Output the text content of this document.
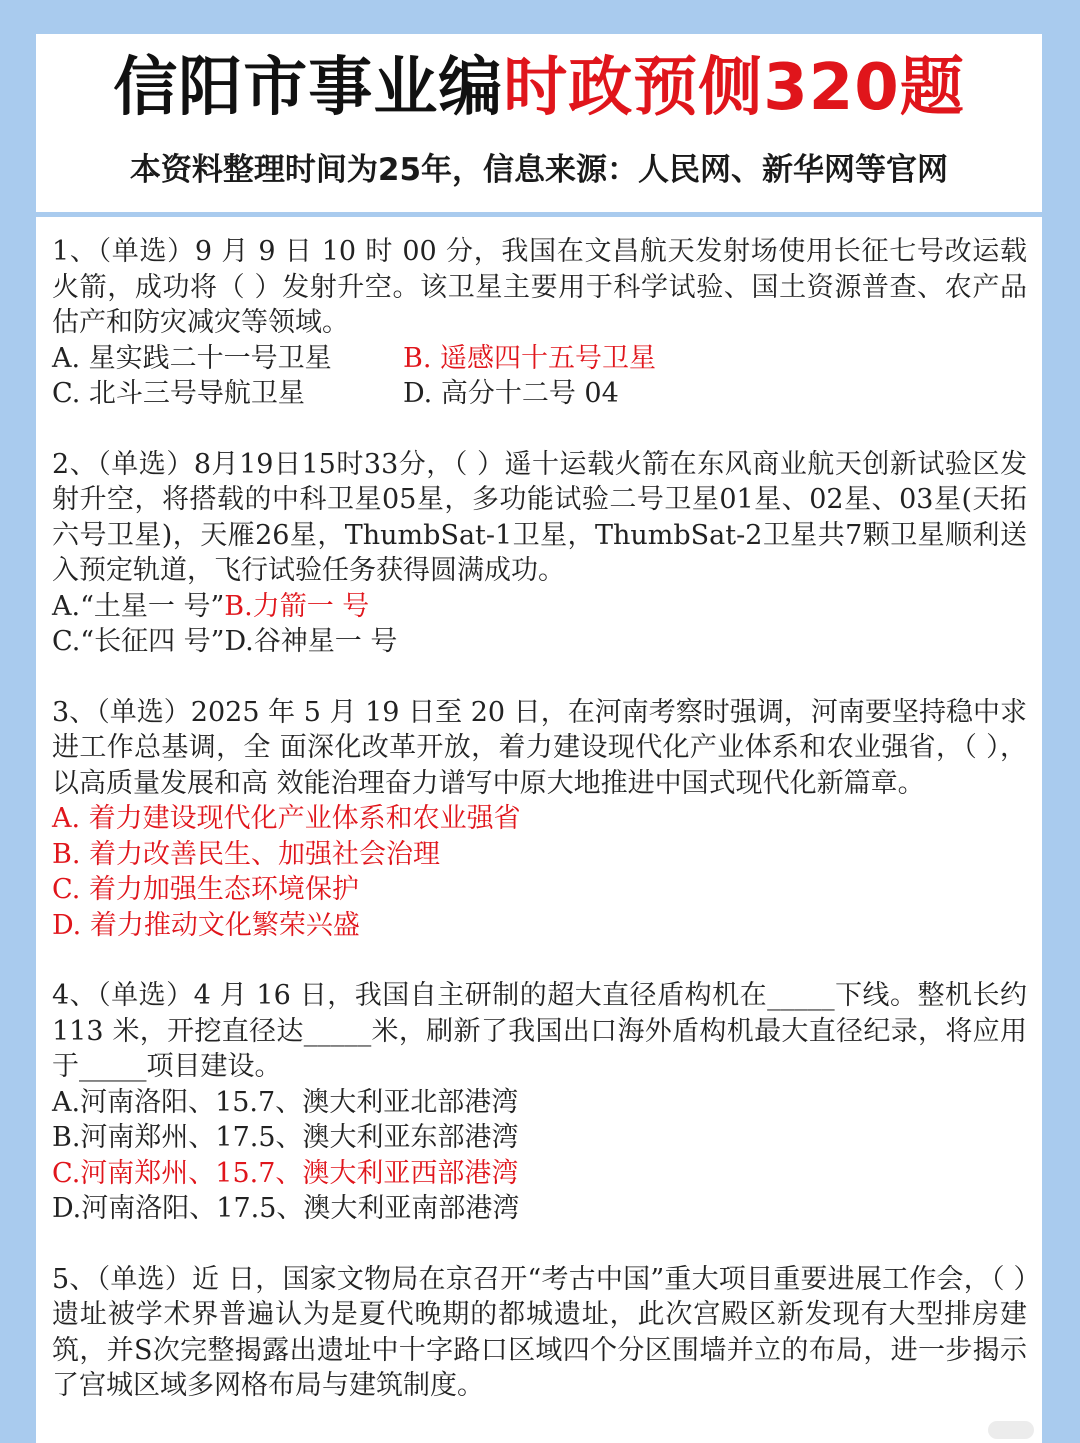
信阳市事业编时政预侧320题
本资料整理时间为25年，信息来源：人民网、新华网等官网

1、（单选）9 月 9 日 10 时 00 分，我国在文昌航天发射场使用长征七号改运载火箭，成功将（ ）发射升空。该卫星主要用于科学试验、国土资源普查、农产品估产和防灾减灾等领域。

A. 星实践二十一号卫星	B. 遥感四十五号卫星
C. 北斗三号导航卫星	D. 高分十二号 04

2、（单选）8月19日15时33分，（ ）遥十运载火箭在东风商业航天创新试验区发射升空，将搭载的中科卫星05星，多功能试验二号卫星01星、02星、03星(天拓六号卫星)，天雁26星，ThumbSat-1卫星，ThumbSat-2卫星共7颗卫星顺利送入预定轨道，飞行试验任务获得圆满成功。

A.“土星一 号”B.力箭一 号
C.“长征四 号”D.谷神星一 号

3、（单选）2025 年 5 月 19 日至 20 日，在河南考察时强调，河南要坚持稳中求进工作总基调，全 面深化改革开放，着力建设现代化产业体系和农业强省，（ ），以高质量发展和高 效能治理奋力谱写中原大地推进中国式现代化新篇章。

A. 着力建设现代化产业体系和农业强省
B. 着力改善民生、加强社会治理
C. 着力加强生态环境保护
D. 着力推动文化繁荣兴盛

4、（单选）4 月 16 日，我国自主研制的超大直径盾构机在_____下线。整机长约 113 米，开挖直径达_____米，刷新了我国出口海外盾构机最大直径纪录，将应用于_____项目建设。

A.河南洛阳、15.7、澳大利亚北部港湾
B.河南郑州、17.5、澳大利亚东部港湾
C.河南郑州、15.7、澳大利亚西部港湾
D.河南洛阳、17.5、澳大利亚南部港湾

5、（单选）近 日，国家文物局在京召开“考古中国”重大项目重要进展工作会，（ ）遗址被学术界普遍认为是夏代晚期的都城遗址，此次宫殿区新发现有大型排房建筑，并S次完整揭露出遗址中十字路口区域四个分区围墙并立的布局，进一步揭示了宫城区域多网格布局与建筑制度。
